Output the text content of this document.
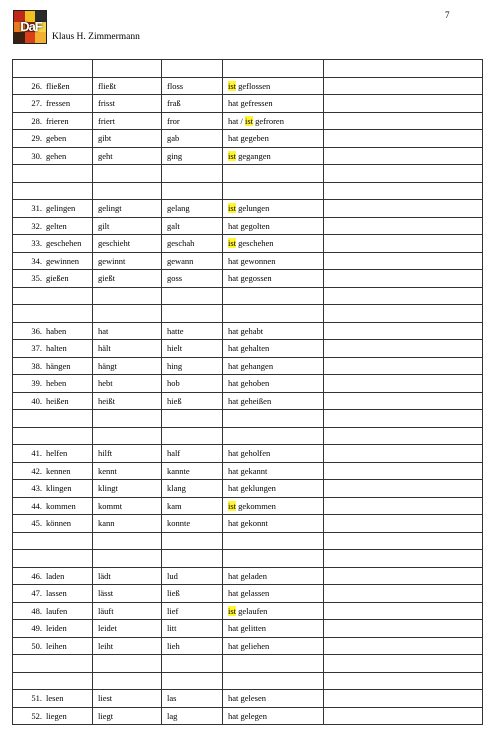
DaF
Klaus H. Zimmermann
7

26. fließen	fließt	floss	ist geflossen	
27. fressen	frisst	fraß	hat gefressen	
28. frieren	friert	fror	hat / ist gefroren	
29. geben	gibt	gab	hat gegeben	
30. gehen	geht	ging	ist gegangen	

31. gelingen	gelingt	gelang	ist gelungen	
32. gelten	gilt	galt	hat gegolten	
33. geschehen	geschieht	geschah	ist geschehen	
34. gewinnen	gewinnt	gewann	hat gewonnen	
35. gießen	gießt	goss	hat gegossen	

36. haben	hat	hatte	hat gehabt	
37. halten	hält	hielt	hat gehalten	
38. hängen	hängt	hing	hat gehangen	
39. heben	hebt	hob	hat gehoben	
40. heißen	heißt	hieß	hat geheißen	

41. helfen	hilft	half	hat geholfen	
42. kennen	kennt	kannte	hat gekannt	
43. klingen	klingt	klang	hat geklungen	
44. kommen	kommt	kam	ist gekommen	
45. können	kann	konnte	hat gekonnt	

46. laden	lädt	lud	hat geladen	
47. lassen	lässt	ließ	hat gelassen	
48. laufen	läuft	lief	ist gelaufen	
49. leiden	leidet	litt	hat gelitten	
50. leihen	leiht	lieh	hat geliehen	

51. lesen	liest	las	hat gelesen	
52. liegen	liegt	lag	hat gelegen	
